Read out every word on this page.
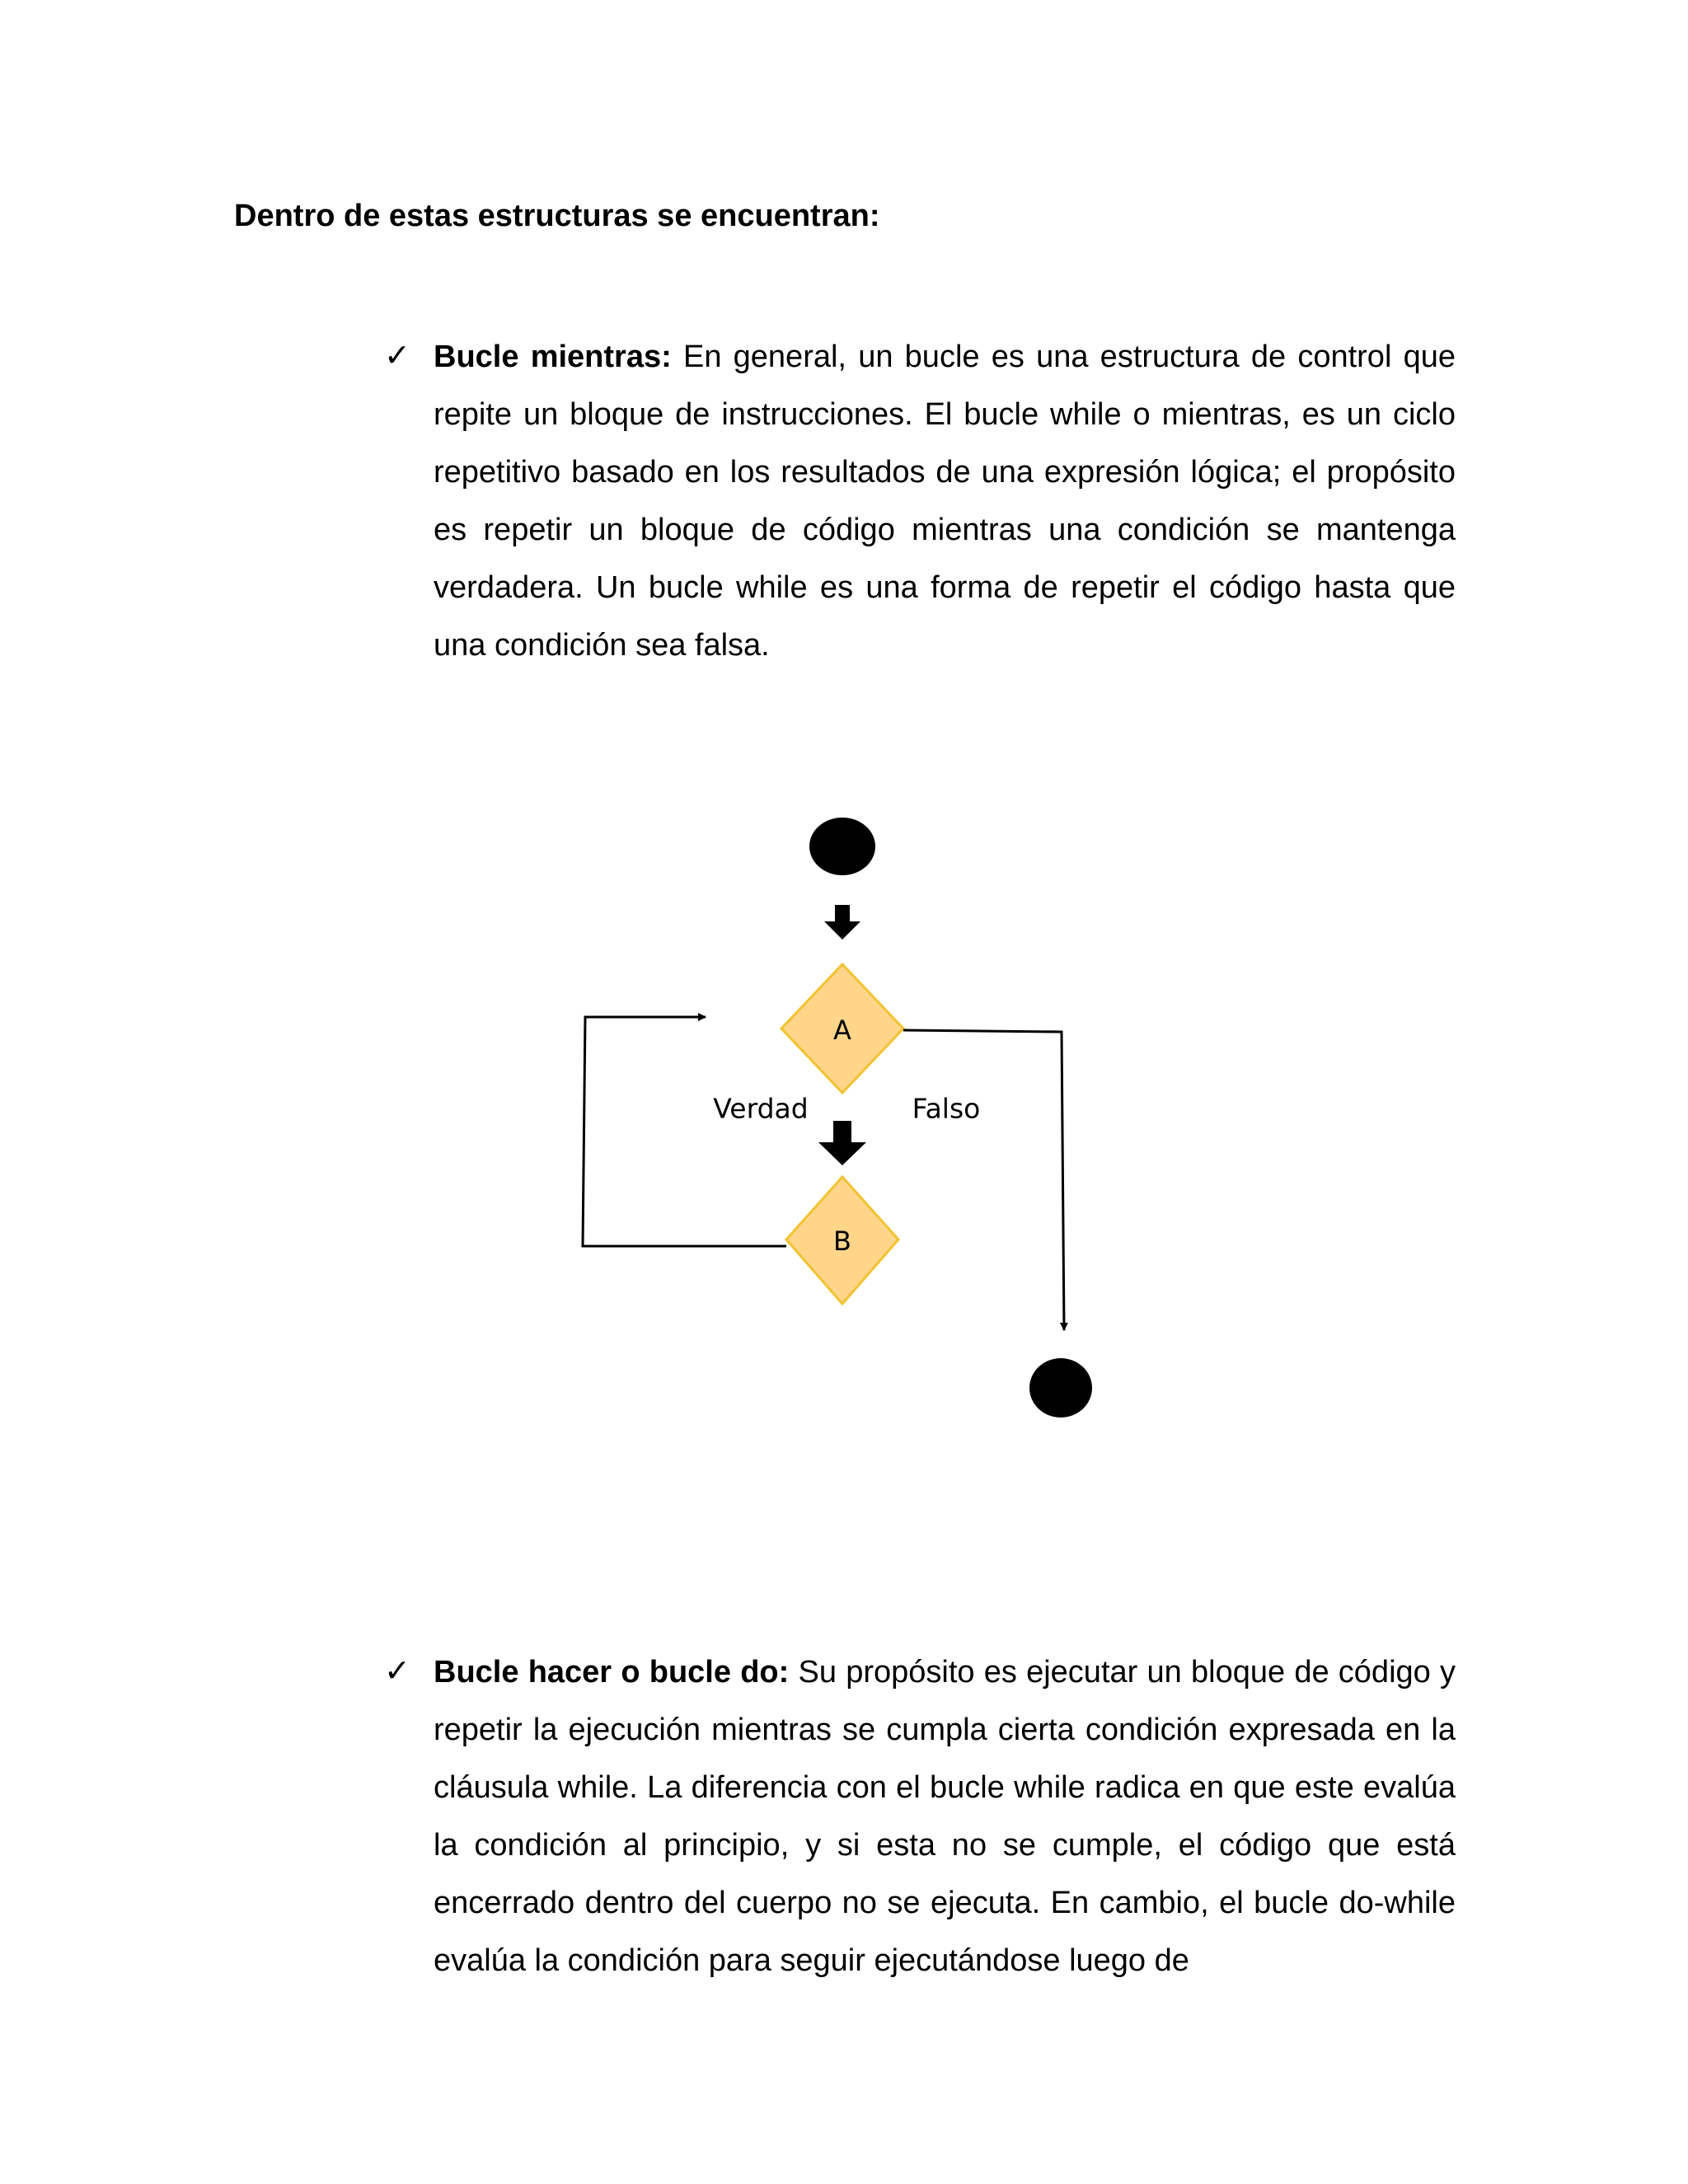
Dentro de estas estructuras se encuentran:
✓ Bucle mientras: En general, un bucle es una estructura de control que repite un bloque de instrucciones. El bucle while o mientras, es un ciclo repetitivo basado en los resultados de una expresión lógica; el propósito es repetir un bloque de código mientras una condición se mantenga verdadera. Un bucle while es una forma de repetir el código hasta que una condición sea falsa.

A
Verdad	Falso
B
✓ Bucle hacer o bucle do: Su propósito es ejecutar un bloque de código y repetir la ejecución mientras se cumpla cierta condición expresada en la cláusula while. La diferencia con el bucle while radica en que este evalúa la condición al principio, y si esta no se cumple, el código que está encerrado dentro del cuerpo no se ejecuta. En cambio, el bucle do-while evalúa la condición para seguir ejecutándose luego de
